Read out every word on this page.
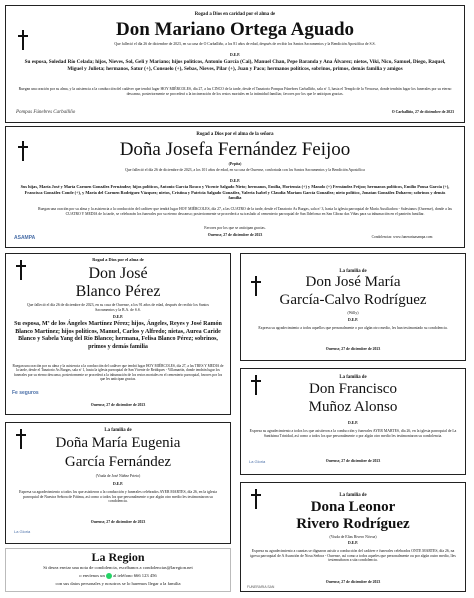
Rogad a Dios en caridad por el alma de
Don Mariano Ortega Aguado
Que falleció el día 26 de diciembre de 2023, en su casa de O Carballiño, a los 81 años de edad, después de recibir los Santos Sacramentos y la Bendición Apostólica de S.S.
D.E.P.
Su esposa, Soledad Río Celada; hijos, Nieves, Sol, Geli y Mariano; hijos políticos, Antonio García (Cai), Manuel Chan, Pepe Baranda y Ana Álvarez; nietos, Viki, Nico, Samuel, Diego, Raquel, Miguel y Julieta; hermanos, Satur (+), Consuelo (+), Sebas, Nieves, Pilar (+), Juan y Paco; hermanos políticos, sobrinos, primos, demás familia y amigos
Ruegan una oración por su alma, y la asistencia a la conducción del cadáver que tendrá lugar HOY MIÉRCOLES, día 27, a las CINCO de la tarde, desde el Tanatorio Pompas Fúnebres Carballiño, sala nº 3, hasta el Templo de la Veracruz, donde tendrán lugar los funerales por su eterno descanso, posteriormente se procederá a la incineración de los restos mortales en la intimidad familiar, favores por los que le anticipan gracias.
O Carballiño, 27 de diciembre de 2023
Pompas Fúnebres Carballiño
Rogad a Dios por el alma de la señora
Doña Josefa Fernández Feijoo
(Pepita)
Que falleció el día 26 de diciembre de 2023, a los 101 años de edad, en su casa de Ourense, confortada con los Santos Sacramentos y la Bendición Apostólica
D.E.P.
Sus hijas, María José y María Carmen González Fernández; hijos políticos, Antonio García Rouco y Vicente Salgado Nieto; hermanos, Emilia, Hortensia (+) y Manolo (+) Fernández Feijoo; hermanos políticos, Emilio Pousa García (+), Francisca González Conde (+), y María del Carmen Rodríguez Vázquez; nietos, Cristina y Patricia Salgado González, Valeria Isabel y Claudia Mariam García González; nieto político, Jonatan González Doharro; sobrinos y demás familia
Ruegan una oración por su alma y la asistencia a la conducción del cadáver que tendrá lugar HOY MIÉRCOLES, día 27, a las CUATRO de la tarde, desde el Tanatorio As Burgas, sala nº 3, hasta la iglesia parroquial de María Auxiliadora - Salesianos (Ourense), donde a las CUATRO Y MEDIA de la tarde, se celebrarán los funerales por su eterno descanso; posteriormente se procederá a su traslado al cementerio parroquial de San Ildefonso en San Cibrao das Viñas para su inhumación en el panteón familiar.
Favores por los que se anticipan gracias.
Ourense, 27 de diciembre de 2023	Condolencias: www.funerariaasampa.com
ASAMPA
Rogad a Dios por el alma de
Don José
Blanco Pérez
Que falleció el día 26 de diciembre de 2023, en su casa de Ourense, a los 91 años de edad, después de recibir los Santos Sacramentos y la B.A. de S.S.
D.E.P.
Su esposa, Mª de los Ángeles Martínez Pérez; hijos, Ángeles, Reyes y José Ramón Blanco Martínez; hijos políticos, Manuel, Carlos y Alfredo; nietas, Aurea Caride Blanco y Sabela Yang del Río Blanco; hermana, Felisa Blanco Pérez; sobrinos, primos y demás familia
Ruegan una oración por su alma y la asistencia a la conducción del cadáver que tendrá lugar HOY MIÉRCOLES, día 27, a las TRES Y MEDIA de la tarde, desde el Tanatorio As Burgas, sala nº 1, hasta la iglesia parroquial de San Vicente de Reidiques - Villamartín, donde tendrán lugar los funerales por su eterno descanso, posteriormente se procederá a la inhumación de los restos mortales en el cementerio parroquial, favores por los que les anticipan gracias.
Ourense, 27 de diciembre de 2023
Fe seguros
La familia de
Don José María
García-Calvo Rodríguez
(Willy)
D.E.P.
Expresa su agradecimiento a todos aquellos que personalmente o por algún otro medio, les han testimoniado su condolencia.
Ourense, 27 de diciembre de 2023
La familia de
Don Francisco
Muñoz Alonso
D.E.P.
Expresa su agradecimiento a todos los que asistieron a la conducción y funerales AYER MARTES, día 26, en la iglesia parroquial de La Santísima Trinidad, así como a todos los que personalmente o por algún otro medio les testimoniaron su condolencia.
Ourense, 27 de diciembre de 2023
La Gloria
La familia de
Doña María Eugenia
García Fernández
(Viuda de José Núñez Prieto)
D.E.P.
Expresa su agradecimiento a todos los que asistieron a la conducción y funerales celebrados AYER MARTES, día 26, en la iglesia parroquial de Nuestra Señora de Fátima, así como a todos los que personalmente o por algún otro medio les testimoniaron su condolencia.
Ourense, 27 de diciembre de 2023
La Gloria
La familia de
Dona Leonor
Rivero Rodríguez
(Viuda de Elias Rivero Nóvoa)
D.E.P.
Expresa su agradecimiento a cuantas se dignaron asistir a conducción del cadáver e funerales celebrados ONTE MARTES, día 26, na igrexa parroquial de A Asunción de Nosa Señora - Ourense, así como a todos aqueles que personalmente ou por algún outro medio, lles testemuñaron a súa condolencia.
Ourense, 27 de diciembre de 2023
FUNERARIA SAN
La Region
Si desea enviar una nota de condolencia, escríbanos a condolencias@laregion.net
o envíenos un al teléfono 666 123 456
con sus datos personales y nosotros se lo haremos llegar a la familia
